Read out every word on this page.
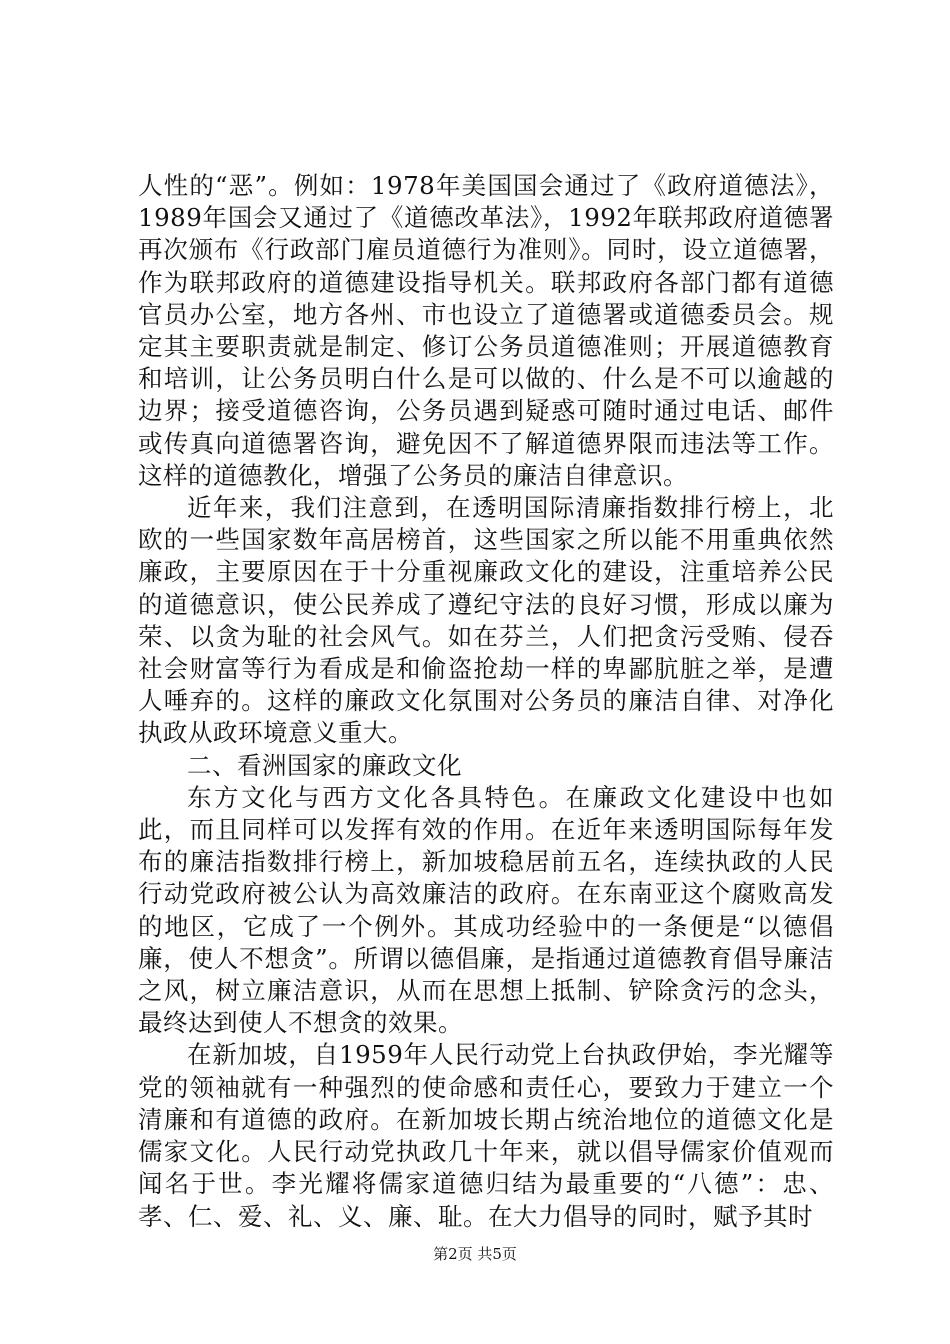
人性的“恶”。例如：1978年美国国会通过了《政府道德法》，1989年国会又通过了《道德改革法》，1992年联邦政府道德署再次颁布《行政部门雇员道德行为准则》。同时，设立道德署，作为联邦政府的道德建设指导机关。联邦政府各部门都有道德官员办公室，地方各州、市也设立了道德署或道德委员会。规定其主要职责就是制定、修订公务员道德准则；开展道德教育和培训，让公务员明白什么是可以做的、什么是不可以逾越的边界；接受道德咨询，公务员遇到疑惑可随时通过电话、邮件或传真向道德署咨询，避免因不了解道德界限而违法等工作。这样的道德教化，增强了公务员的廉洁自律意识。

近年来，我们注意到，在透明国际清廉指数排行榜上，北欧的一些国家数年高居榜首，这些国家之所以能不用重典依然廉政，主要原因在于十分重视廉政文化的建设，注重培养公民的道德意识，使公民养成了遵纪守法的良好习惯，形成以廉为荣、以贪为耻的社会风气。如在芬兰，人们把贪污受贿、侵吞社会财富等行为看成是和偷盗抢劫一样的卑鄙肮脏之举，是遭人唾弃的。这样的廉政文化氛围对公务员的廉洁自律、对净化执政从政环境意义重大。

二、看洲国家的廉政文化

东方文化与西方文化各具特色。在廉政文化建设中也如此，而且同样可以发挥有效的作用。在近年来透明国际每年发布的廉洁指数排行榜上，新加坡稳居前五名，连续执政的人民行动党政府被公认为高效廉洁的政府。在东南亚这个腐败高发的地区，它成了一个例外。其成功经验中的一条便是“以德倡廉，使人不想贪”。所谓以德倡廉，是指通过道德教育倡导廉洁之风，树立廉洁意识，从而在思想上抵制、铲除贪污的念头，最终达到使人不想贪的效果。

在新加坡，自1959年人民行动党上台执政伊始，李光耀等党的领袖就有一种强烈的使命感和责任心，要致力于建立一个清廉和有道德的政府。在新加坡长期占统治地位的道德文化是儒家文化。人民行动党执政几十年来，就以倡导儒家价值观而闻名于世。李光耀将儒家道德归结为最重要的“八德”：忠、孝、仁、爱、礼、义、廉、耻。在大力倡导的同时，赋予其时

第2页 共5页
